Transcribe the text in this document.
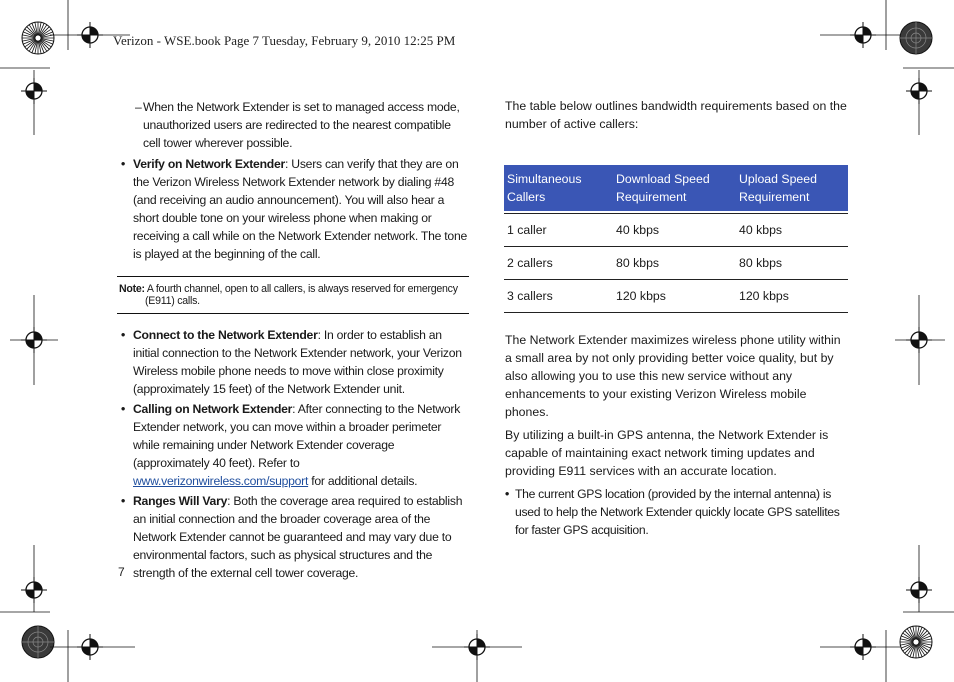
Verizon - WSE.book Page 7 Tuesday, February 9, 2010 12:25 PM
– When the Network Extender is set to managed access mode, unauthorized users are redirected to the nearest compatible cell tower wherever possible.
• Verify on Network Extender: Users can verify that they are on the Verizon Wireless Network Extender network by dialing #48 (and receiving an audio announcement). You will also hear a short double tone on your wireless phone when making or receiving a call while on the Network Extender network. The tone is played at the beginning of the call.
Note: A fourth channel, open to all callers, is always reserved for emergency
(E911) calls.
• Connect to the Network Extender: In order to establish an initial connection to the Network Extender network, your Verizon Wireless mobile phone needs to move within close proximity (approximately 15 feet) of the Network Extender unit.
• Calling on Network Extender: After connecting to the Network Extender network, you can move within a broader perimeter while remaining under Network Extender coverage (approximately 40 feet). Refer to www.verizonwireless.com/support for additional details.
• Ranges Will Vary: Both the coverage area required to establish an initial connection and the broader coverage area of the Network Extender cannot be guaranteed and may vary due to environmental factors, such as physical structures and the strength of the external cell tower coverage.
7

The table below outlines bandwidth requirements based on the number of active callers:

Simultaneous Callers	Download Speed Requirement	Upload Speed Requirement

1 caller	40 kbps	40 kbps
2 callers	80 kbps	80 kbps
3 callers	120 kbps	120 kbps

The Network Extender maximizes wireless phone utility within a small area by not only providing better voice quality, but by also allowing you to use this new service without any enhancements to your existing Verizon Wireless mobile phones.

By utilizing a built-in GPS antenna, the Network Extender is capable of maintaining exact network timing updates and providing E911 services with an accurate location.

• The current GPS location (provided by the internal antenna) is used to help the Network Extender quickly locate GPS satellites for faster GPS acquisition.
